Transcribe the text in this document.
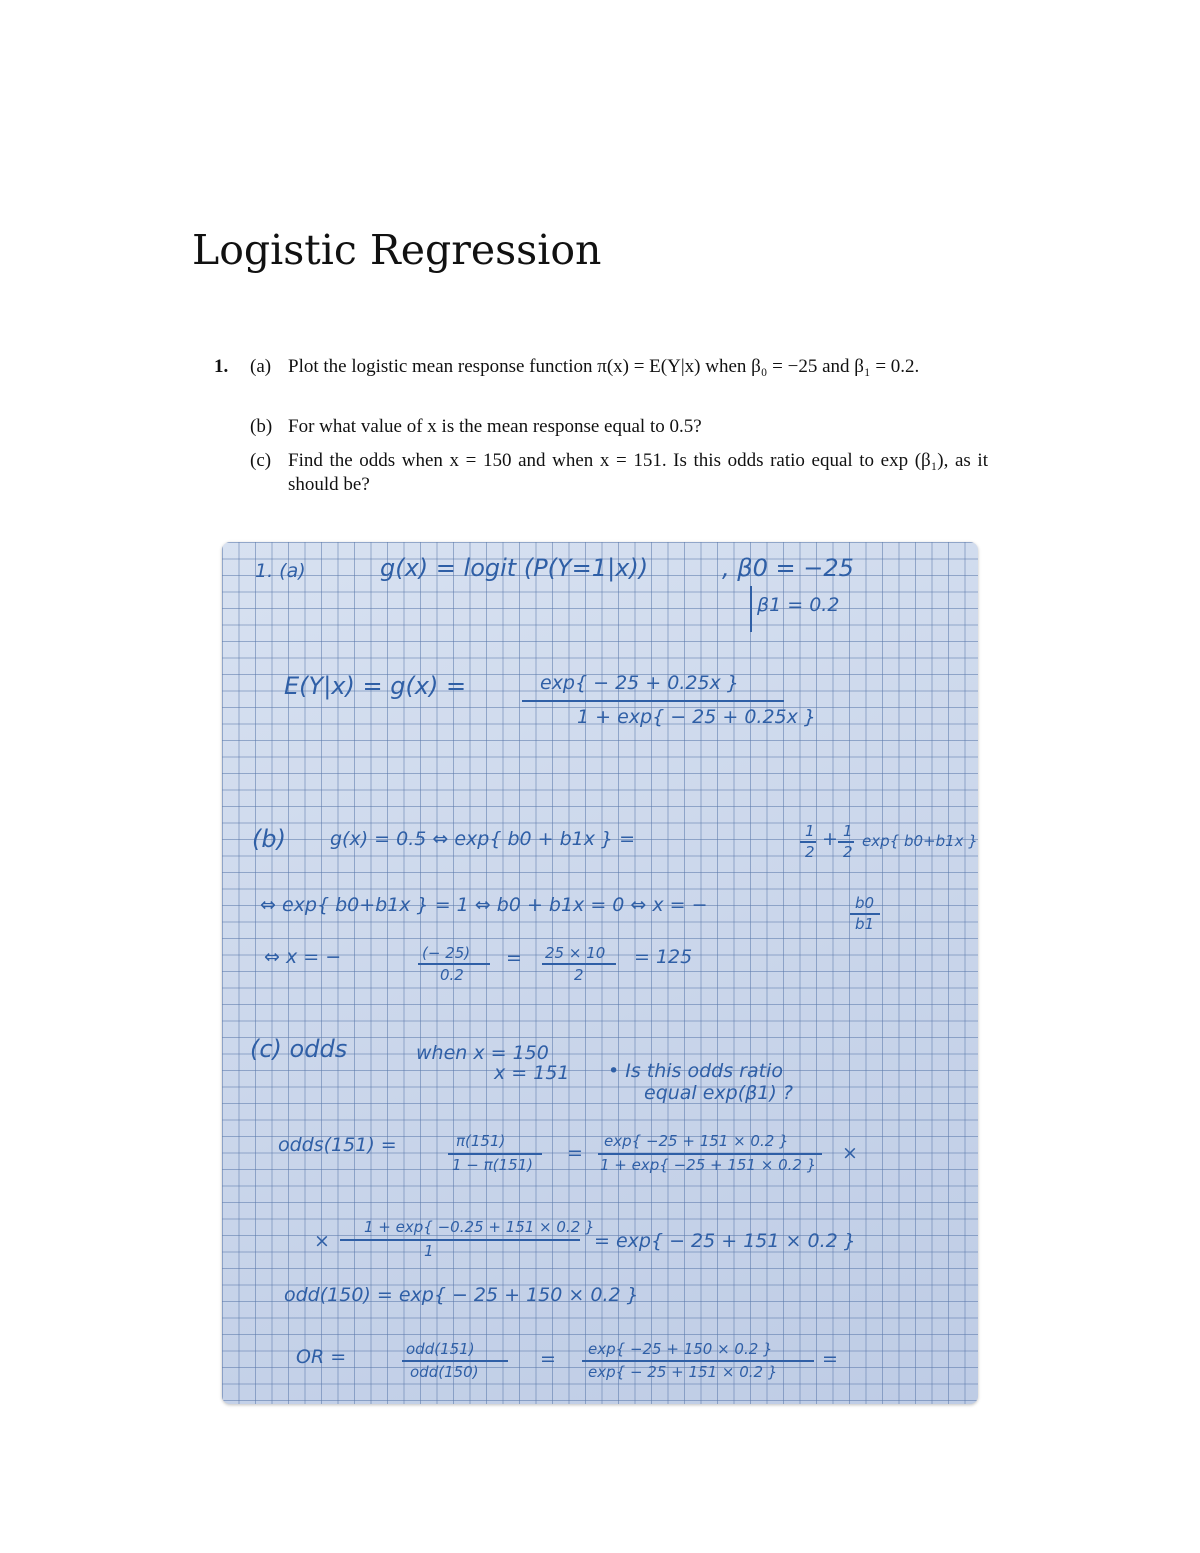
Logistic Regression
1. (a) Plot the logistic mean response function π(x) = E(Y|x) when β₀ = −25 and β₁ = 0.2.
(b) For what value of x is the mean response equal to 0.5?
(c) Find the odds when x = 150 and when x = 151. Is this odds ratio equal to exp (β₁), as it should be?
1. (a)	g(x) = logit (P(Y=1|x))	, β0 = −25
β1 = 0.2
E(Y|x) = g(x) =	exp{ − 25 + 0.25x }
1 + exp{ − 25 + 0.25x }
(b) g(x) = 0.5 ⇔ exp{ b0 + b1x } =	1
2
+ 1
2
exp{ b0+b1x }
⇔ exp{ b0+b1x } = 1 ⇔ b0 + b1x = 0 ⇔ x = −	b0
b1
⇔ x = −	(− 25)
0.2
= 25 × 10
2
= 125
(c) odds	when x = 150
x = 151 • Is this odds ratio
equal exp(β1) ?
odds(151) =	π(151)
1 − π(151)
=
exp{ −25 + 151 × 0.2 }
1 + exp{ −25 + 151 × 0.2 }
×
×
1 + exp{ −0.25 + 151 × 0.2 }
1	= exp{ − 25 + 151 × 0.2 }
odd(150) = exp{ − 25 + 150 × 0.2 }
OR =	odd(151)
odd(150)
= exp{ −25 + 150 × 0.2 }
exp{ − 25 + 151 × 0.2 }
=
